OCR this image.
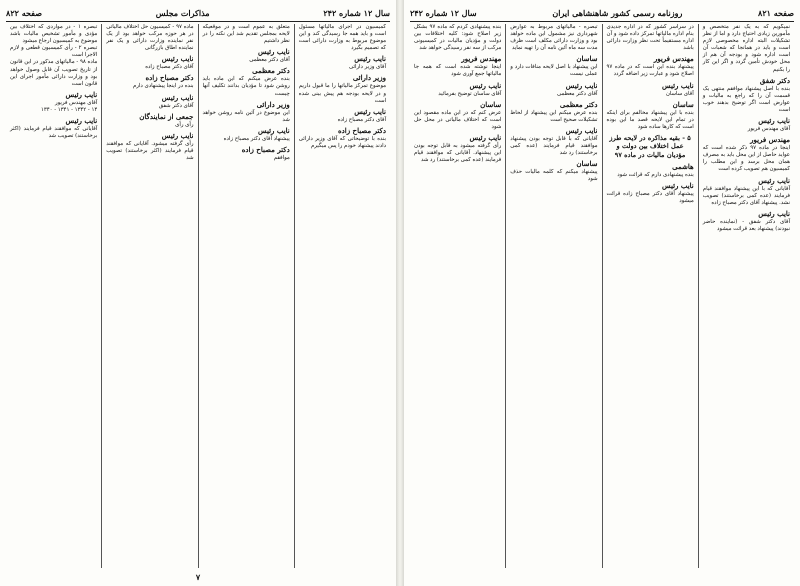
سال ۱۲ شماره ۲۴۲
مذاکرات مجلس
صفحه ۸۲۲
کمیسیون در اجرای مالیاتها مسئول است و باید همه جا رسیدگی کند و این موضوع مربوط به وزارت دارائی است که تصمیم بگیرد
نایب رئیس
آقای وزیر دارائی
وزیر دارائی
موضوع تمرکز مالیاتها را ما قبول داریم و در لایحه بودجه هم پیش بینی شده است
نایب رئیس
آقای دکتر مصباح زاده
دکتر مصباح زاده
بنده با توضیحاتی که آقای وزیر دارائی دادند پیشنهاد خودم را پس میگیرم
متعلق به عموم است و در موقعیکه لایحه بمجلس تقدیم شد این نکته را در نظر داشتیم
نایب رئیس
آقای دکتر معظمی
دکتر معظمی
بنده عرض میکنم که این ماده باید روشن شود تا مؤدیان بدانند تکلیف آنها چیست
وزیر دارائی
این موضوع در آئین نامه روشن خواهد شد
نایب رئیس
پیشنهاد آقای دکتر مصباح زاده
دکتر مصباح زاده
موافقم
ماده ۹۷ - کمیسیون حل اختلاف مالیاتی در هر حوزه مرکب خواهد بود از یک نفر نماینده وزارت دارائی و یک نفر نماینده اطاق بازرگانی
نایب رئیس
آقای دکتر مصباح زاده
دکتر مصباح زاده
بنده در اینجا پیشنهادی دارم
نایب رئیس
آقای دکتر شفق
جمعی از نمایندگان
رأی رأی
نایب رئیس
رأی گرفته میشود. آقایانی که موافقند قیام فرمایند (اکثر برخاستند) تصویب شد
تبصره ۱ - در مواردی که اختلاف بین مؤدی و مأمور تشخیص مالیات باشد موضوع به کمیسیون ارجاع میشود
تبصره ۲ - رأی کمیسیون قطعی و لازم الاجرا است
ماده ۹۸ - مالیاتهای مذکور در این قانون از تاریخ تصویب آن قابل وصول خواهد بود و وزارت دارائی مأمور اجرای این قانون است
نایب رئیس
آقای مهندس فریور
۱۴ - ۱۳۴۲ - ۱۳۴۱ - ۱۳۴۰
نایب رئیس
آقایانی که موافقند قیام فرمایند (اکثر برخاستند) تصویب شد
۷
صفحه ۸۲۱
روزنامه رسمی کشور شاهنشاهی ایران
سال ۱۲ شماره ۲۴۲
نمیگویم که به یک نفر متخصص و مأمورین زیادی احتیاج دارد و اما از نظر تشکیلات البته اداره مخصوصی لازم است و باید در همانجا که شعبات آن است اداره شود و بودجه آن هم از محل خودش تأمین گردد و اگر این کار را بکنیم
دکتر شفق
بنده با اصل پیشنهاد موافقم منتهی یک قسمت آن را که راجع به مالیات و عوارض است اگر توضیح بدهند خوب است
نایب رئیس
آقای مهندس فریور
مهندس فریور
اینجا در ماده ۹۷ ذکر شده است که عواید حاصل از این محل باید به مصرف همان محل برسد و این مطلب را کمیسیون هم تصویب کرده است
نایب رئیس
آقایانی که با این پیشنهاد موافقند قیام فرمایند (عده کمی برخاستند) تصویب نشد. پیشنهاد آقای دکتر مصباح زاده
نایب رئیس
آقای دکتر شفق - (نماینده حاضر نبودند) پیشنهاد بعد قرائت میشود
در سراسر کشور که در اداره جدیدی بنام اداره مالیاتها تمرکز داده شود و آن اداره مستقیماً تحت نظر وزارت دارائی باشد
مهندس فریور
پیشنهاد بنده این است که در ماده ۹۷ اصلاح شود و عبارت زیر اضافه گردد
نایب رئیس
آقای ساسان
ساسان
بنده با این پیشنهاد مخالفم برای اینکه در تمام این لایحه قصد ما این بوده است که کارها ساده شود
۵ - بقیه مذاکره در لایحه طرز عمل اختلاف بین دولت و مؤدیان مالیات در ماده ۹۷
هاشمی
بنده پیشنهادی دارم که قرائت شود
نایب رئیس
پیشنهاد آقای دکتر مصباح زاده قرائت میشود
تبصره - مالیاتهای مربوط به عوارض شهرداری نیز مشمول این ماده خواهد بود و وزارت دارائی مکلف است ظرف مدت سه ماه آئین نامه آن را تهیه نماید
ساسان
این پیشنهاد با اصل لایحه منافات دارد و عملی نیست
نایب رئیس
آقای دکتر معظمی
دکتر معظمی
بنده عرض میکنم این پیشنهاد از لحاظ تشکیلات صحیح است
نایب رئیس
آقایانی که با قابل توجه بودن پیشنهاد موافقند قیام فرمایند (عده کمی برخاستند) رد شد
ساسان
پیشنهاد میکنم که کلمه مالیات حذف شود
بنده پیشنهادی کردم که ماده ۹۷ بشکل زیر اصلاح شود: کلیه اختلافات بین دولت و مؤدیان مالیات در کمیسیونی مرکب از سه نفر رسیدگی خواهد شد
مهندس فریور
اینجا نوشته شده است که همه جا مالیاتها جمع آوری شود
نایب رئیس
آقای ساسان توضیح بفرمائید
ساسان
عرض کنم که در این ماده مقصود این است که اختلاف مالیاتی در محل حل شود
نایب رئیس
رأی گرفته میشود به قابل توجه بودن این پیشنهاد. آقایانی که موافقند قیام فرمایند (عده کمی برخاستند) رد شد
